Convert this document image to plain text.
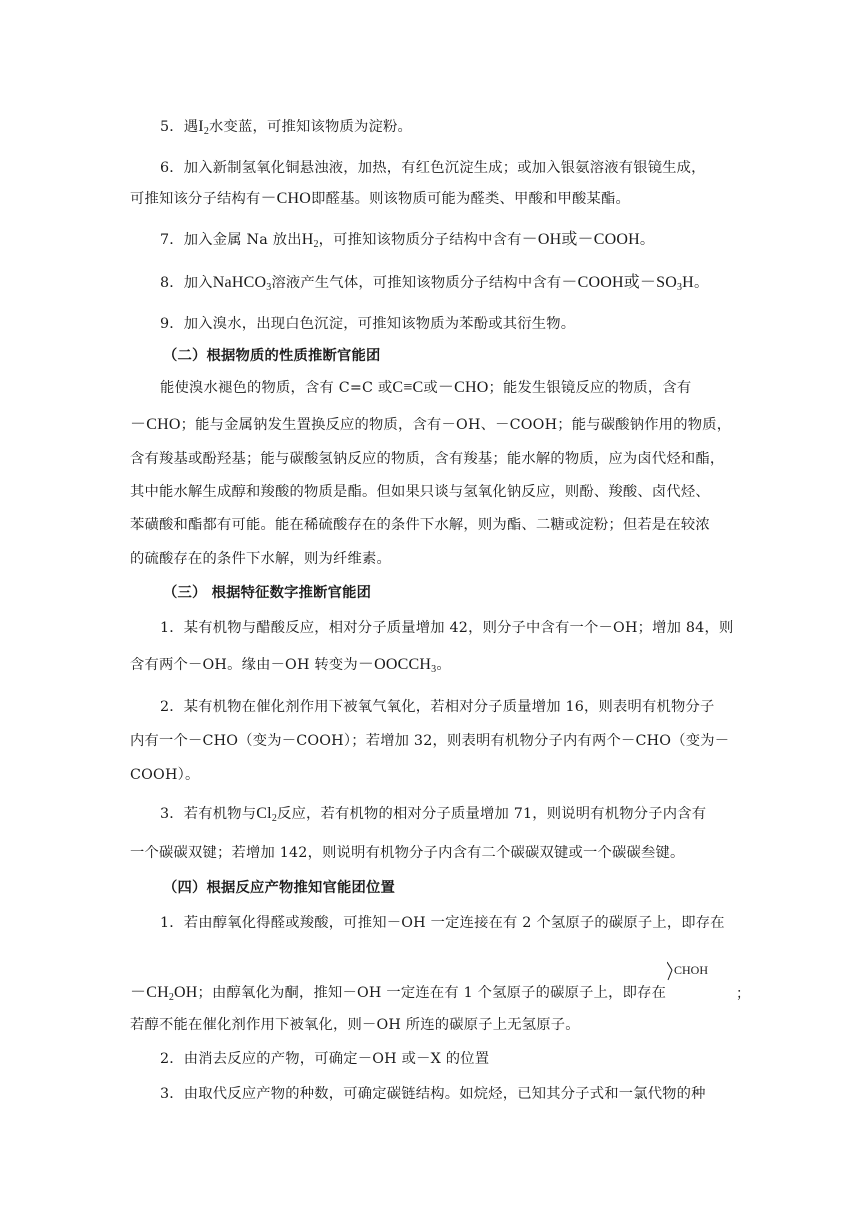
5．遇$I_2$水变蓝，可推知该物质为淀粉。
6．加入新制氢氧化铜悬浊液，加热，有红色沉淀生成；或加入银氨溶液有银镜生成，
可推知该分子结构有－CHO即醛基。则该物质可能为醛类、甲酸和甲酸某酯。
7．加入金属 Na 放出$H_2$，可推知该物质分子结构中含有－OH或－COOH。
8．加入NaHCO$_3$溶液产生气体，可推知该物质分子结构中含有－COOH或$-SO_3H$。
9．加入溴水，出现白色沉淀，可推知该物质为苯酚或其衍生物。
（二）根据物质的性质推断官能团
能使溴水褪色的物质，含有 C=C 或C≡C或－CHO；能发生银镜反应的物质，含有
－CHO；能与金属钠发生置换反应的物质，含有－OH、－COOH；能与碳酸钠作用的物质，
含有羧基或酚羟基；能与碳酸氢钠反应的物质，含有羧基；能水解的物质，应为卤代烃和酯，
其中能水解生成醇和羧酸的物质是酯。但如果只谈与氢氧化钠反应，则酚、羧酸、卤代烃、
苯磺酸和酯都有可能。能在稀硫酸存在的条件下水解，则为酯、二糖或淀粉；但若是在较浓
的硫酸存在的条件下水解，则为纤维素。
（三） 根据特征数字推断官能团
1．某有机物与醋酸反应，相对分子质量增加 42，则分子中含有一个－OH；增加 84，则
含有两个－OH。缘由－OH 转变为$-OOCCH_3$。
2．某有机物在催化剂作用下被氧气氧化，若相对分子质量增加 16，则表明有机物分子
内有一个－CHO（变为－COOH）；若增加 32，则表明有机物分子内有两个－CHO（变为－
COOH）。
3．若有机物与$Cl_2$反应，若有机物的相对分子质量增加 71，则说明有机物分子内含有
一个碳碳双键；若增加 142，则说明有机物分子内含有二个碳碳双键或一个碳碳叁键。
（四）根据反应产物推知官能团位置
1．若由醇氧化得醛或羧酸，可推知－OH 一定连接在有 2 个氢原子的碳原子上，即存在
$-CH_2OH$；由醇氧化为酮，推知－OH 一定连在有 1 个氢原子的碳原子上，即存在
CHOH
；
若醇不能在催化剂作用下被氧化，则－OH 所连的碳原子上无氢原子。
2．由消去反应的产物，可确定－OH 或－X 的位置
3．由取代反应产物的种数，可确定碳链结构。如烷烃，已知其分子式和一氯代物的种
